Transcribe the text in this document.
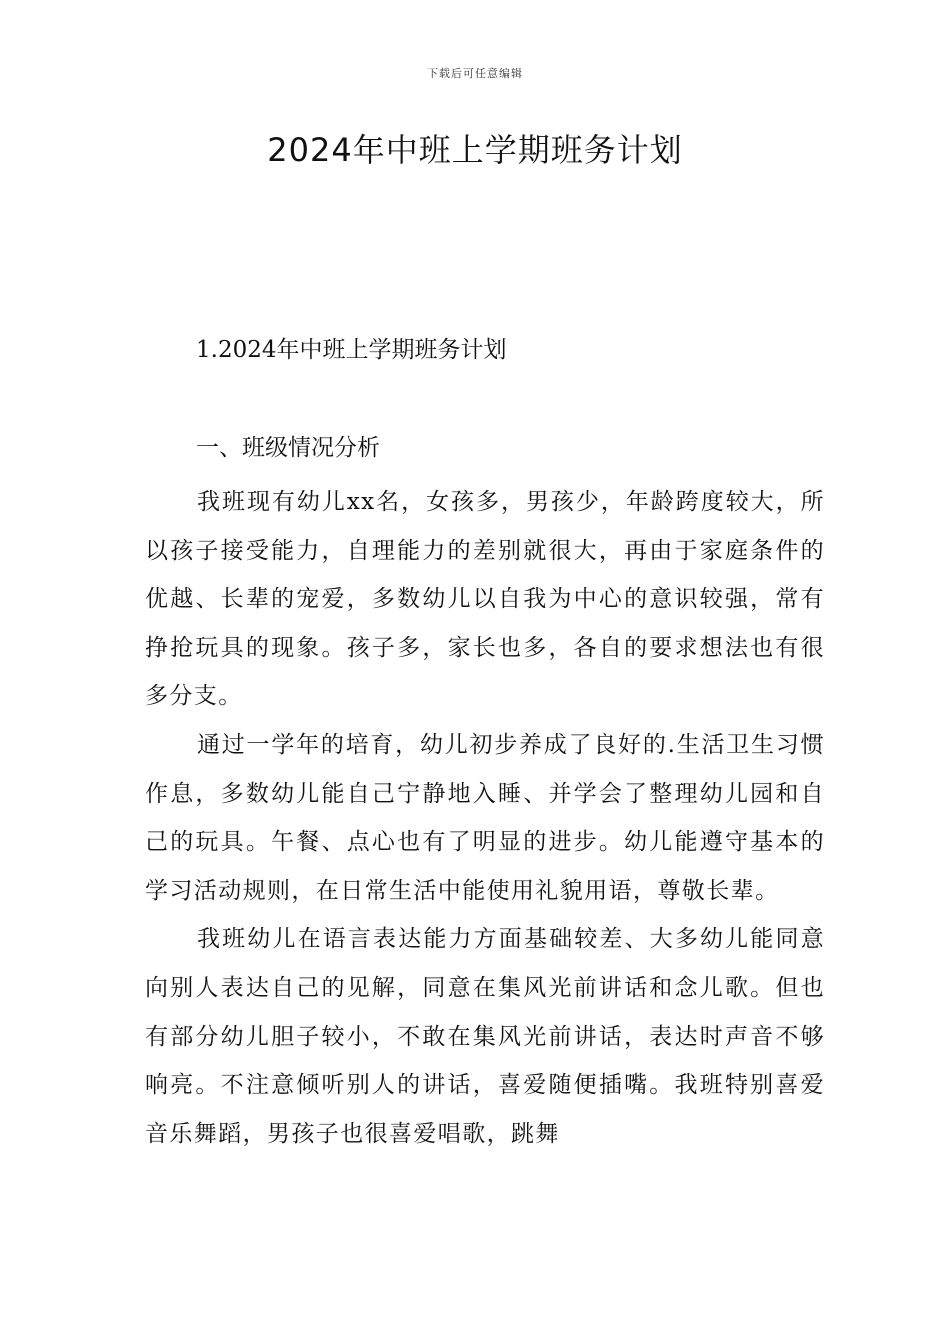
下载后可任意编辑
2024年中班上学期班务计划
1.2024年中班上学期班务计划
一、班级情况分析

我班现有幼儿xx名，女孩多，男孩少，年龄跨度较大，所以孩子接受能力，自理能力的差别就很大，再由于家庭条件的优越、长辈的宠爱，多数幼儿以自我为中心的意识较强，常有挣抢玩具的现象。孩子多，家长也多，各自的要求想法也有很多分支。

通过一学年的培育，幼儿初步养成了良好的.生活卫生习惯作息，多数幼儿能自己宁静地入睡、并学会了整理幼儿园和自己的玩具。午餐、点心也有了明显的进步。幼儿能遵守基本的学习活动规则，在日常生活中能使用礼貌用语，尊敬长辈。

我班幼儿在语言表达能力方面基础较差、大多幼儿能同意向别人表达自己的见解，同意在集风光前讲话和念儿歌。但也有部分幼儿胆子较小，不敢在集风光前讲话，表达时声音不够响亮。不注意倾听别人的讲话，喜爱随便插嘴。我班特别喜爱音乐舞蹈，男孩子也很喜爱唱歌，跳舞
